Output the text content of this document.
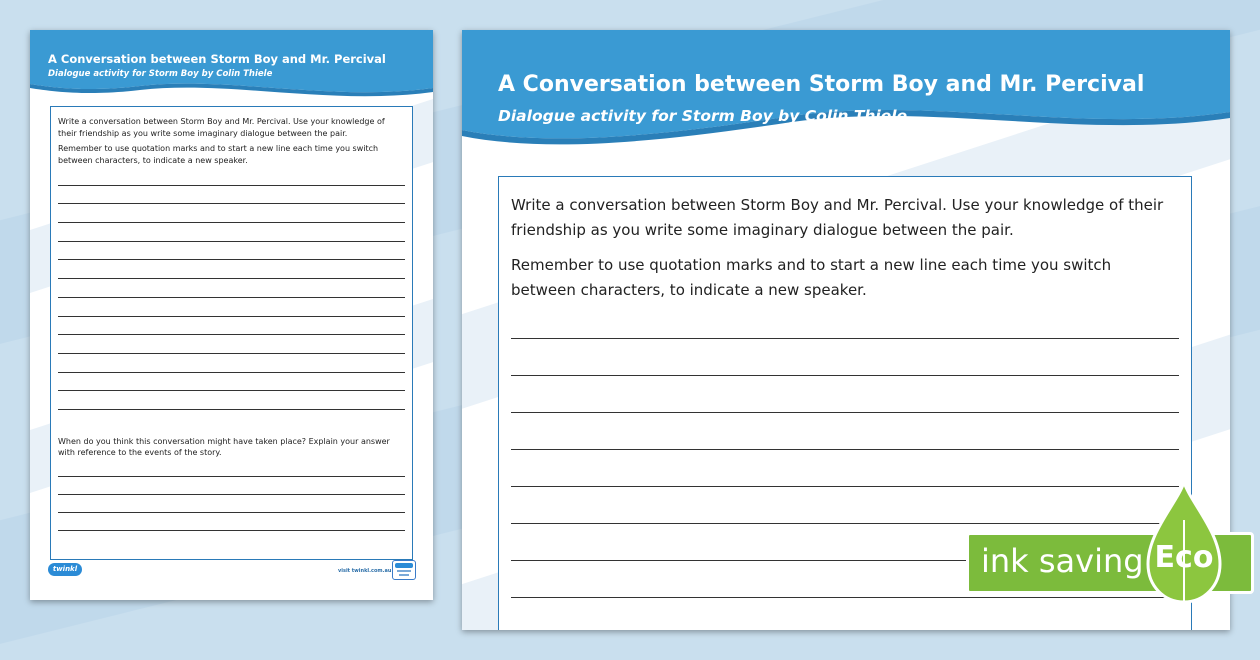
A Conversation between Storm Boy and Mr. Percival
Dialogue activity for Storm Boy by Colin Thiele

Write a conversation between Storm Boy and Mr. Percival. Use your knowledge of their friendship as you write some imaginary dialogue between the pair.

Remember to use quotation marks and to start a new line each time you switch between characters, to indicate a new speaker.

When do you think this conversation might have taken place? Explain your answer with reference to the events of the story.

twinkl	visit twinkl.com.au
A Conversation between Storm Boy and Mr. Percival
Dialogue activity for Storm Boy by Colin Thiele

Write a conversation between Storm Boy and Mr. Percival. Use your knowledge of their friendship as you write some imaginary dialogue between the pair.

Remember to use quotation marks and to start a new line each time you switch between characters, to indicate a new speaker.

ink saving Eco
